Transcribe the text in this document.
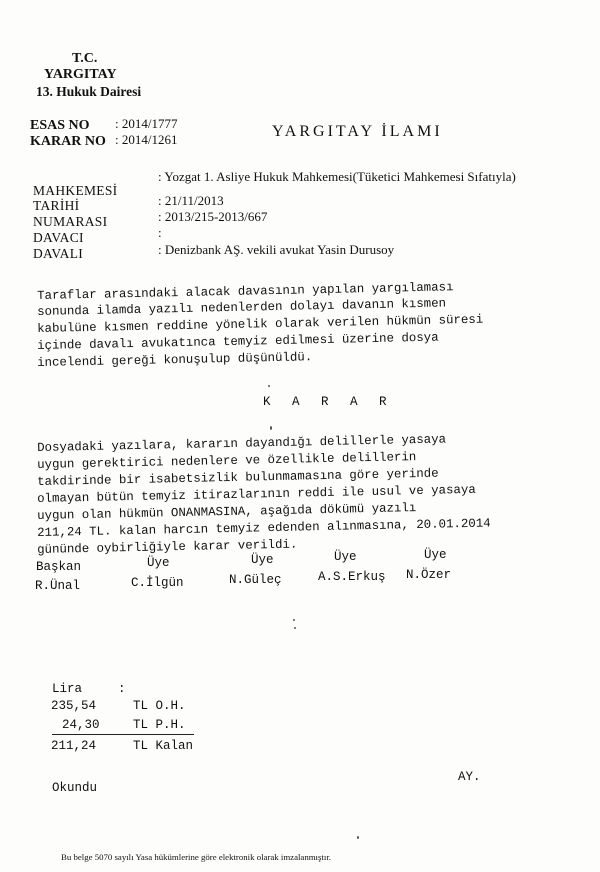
T.C.
YARGITAY
13. Hukuk Dairesi
ESAS NO : 2014/1777
KARAR NO : 2014/1261	YARGITAY İLAMI
MAHKEMESİ
: Yozgat 1. Asliye Hukuk Mahkemesi(Tüketici Mahkemesi Sıfatıyla)
TARİHİ	: 21/11/2013
NUMARASI	: 2013/215-2013/667
DAVACI	:
DAVALI	: Denizbank AŞ. vekili avukat Yasin Durusoy
Taraflar arasındaki alacak davasının yapılan yargılaması
sonunda ilamda yazılı nedenlerden dolayı davanın kısmen
kabulüne kısmen reddine yönelik olarak verilen hükmün süresi
içinde davalı avukatınca temyiz edilmesi üzerine dosya
incelendi gereği konuşulup düşünüldü.
K A R A R
Dosyadaki yazılara, kararın dayandığı delillerle yasaya
uygun gerektirici nedenlere ve özellikle delillerin
takdirinde bir isabetsizlik bulunmamasına göre yerinde
olmayan bütün temyiz itirazlarının reddi ile usul ve yasaya
uygun olan hükmün ONANMASINA, aşağıda dökümü yazılı
211,24 TL. kalan harcın temyiz edenden alınmasına, 20.01.2014
gününde oybirliğiyle karar verildi.
Başkan	Üye	Üye	Üye	Üye
R.Ünal	C.İlgün	N.Güleç	A.S.Erkuş N.Özer
Lira	:
235,54	TL O.H.
24,30	TL P.H.
211,24	TL Kalan
Okundu
AY.
Bu belge 5070 sayılı Yasa hükümlerine göre elektronik olarak imzalanmıştır.
